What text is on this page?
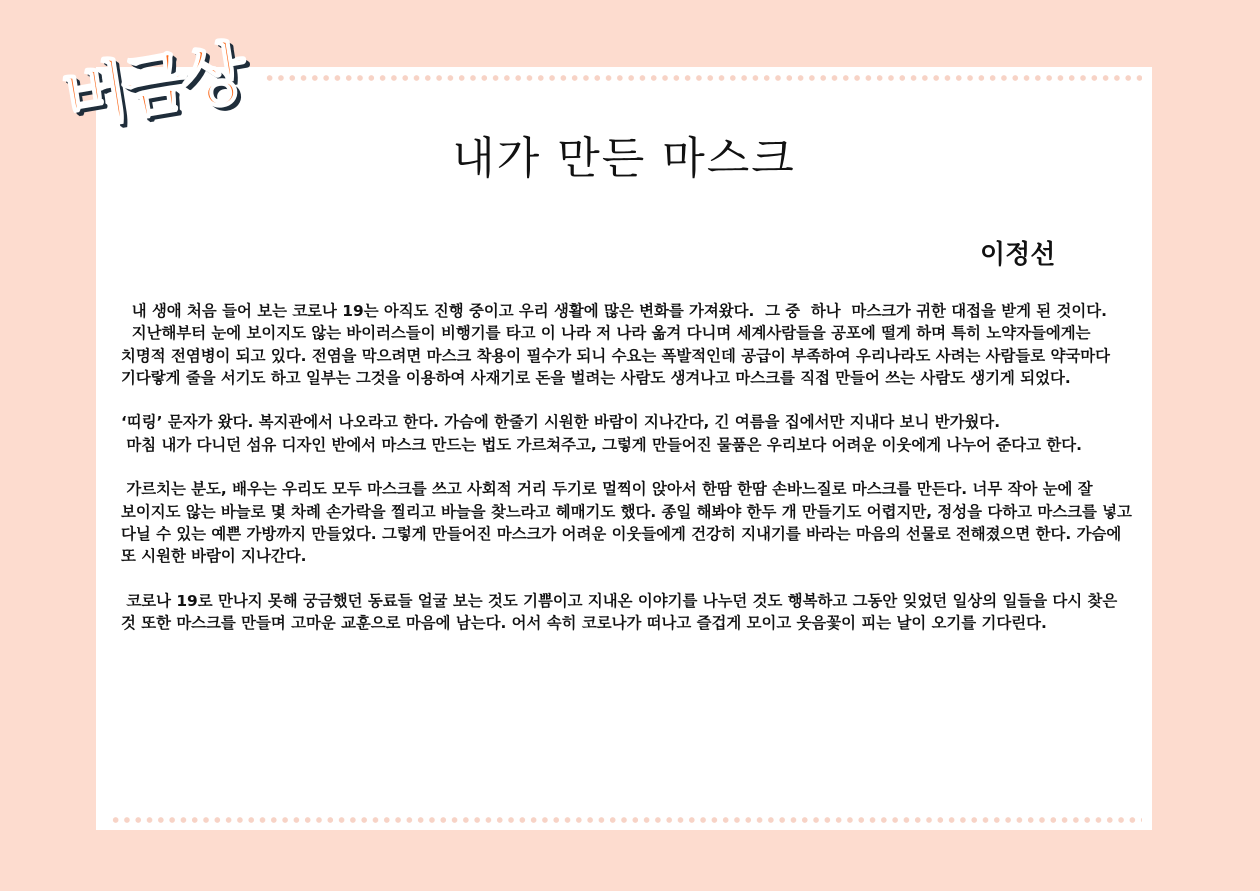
버금상
내가 만든 마스크
이정선

내 생애 처음 들어 보는 코로나 19는 아직도 진행 중이고 우리 생활에 많은 변화를 가져왔다.  그 중  하나  마스크가 귀한 대접을 받게 된 것이다.

지난해부터 눈에 보이지도 않는 바이러스들이 비행기를 타고 이 나라 저 나라 옮겨 다니며 세계사람들을 공포에 떨게 하며 특히 노약자들에게는 치명적 전염병이 되고 있다. 전염을 막으려면 마스크 착용이 필수가 되니 수요는 폭발적인데 공급이 부족하여 우리나라도 사려는 사람들로 약국마다 기다랗게 줄을 서기도 하고 일부는 그것을 이용하여 사재기로 돈을 벌려는 사람도 생겨나고 마스크를 직접 만들어 쓰는 사람도 생기게 되었다.

‘띠링’ 문자가 왔다. 복지관에서 나오라고 한다. 가슴에 한줄기 시원한 바람이 지나간다, 긴 여름을 집에서만 지내다 보니 반가웠다.

마침 내가 다니던 섬유 디자인 반에서 마스크 만드는 법도 가르쳐주고, 그렇게 만들어진 물품은 우리보다 어려운 이웃에게 나누어 준다고 한다.

가르치는 분도, 배우는 우리도 모두 마스크를 쓰고 사회적 거리 두기로 멀찍이 앉아서 한땀 한땀 손바느질로 마스크를 만든다. 너무 작아 눈에 잘 보이지도 않는 바늘로 몇 차례 손가락을 찔리고 바늘을 찾느라고 헤매기도 했다. 종일 해봐야 한두 개 만들기도 어렵지만, 정성을 다하고 마스크를 넣고 다닐 수 있는 예쁜 가방까지 만들었다. 그렇게 만들어진 마스크가 어려운 이웃들에게 건강히 지내기를 바라는 마음의 선물로 전해졌으면 한다. 가슴에 또 시원한 바람이 지나간다.

코로나 19로 만나지 못해 궁금했던 동료들 얼굴 보는 것도 기쁨이고 지내온 이야기를 나누던 것도 행복하고 그동안 잊었던 일상의 일들을 다시 찾은 것 또한 마스크를 만들며 고마운 교훈으로 마음에 남는다. 어서 속히 코로나가 떠나고 즐겁게 모이고 웃음꽃이 피는 날이 오기를 기다린다.
